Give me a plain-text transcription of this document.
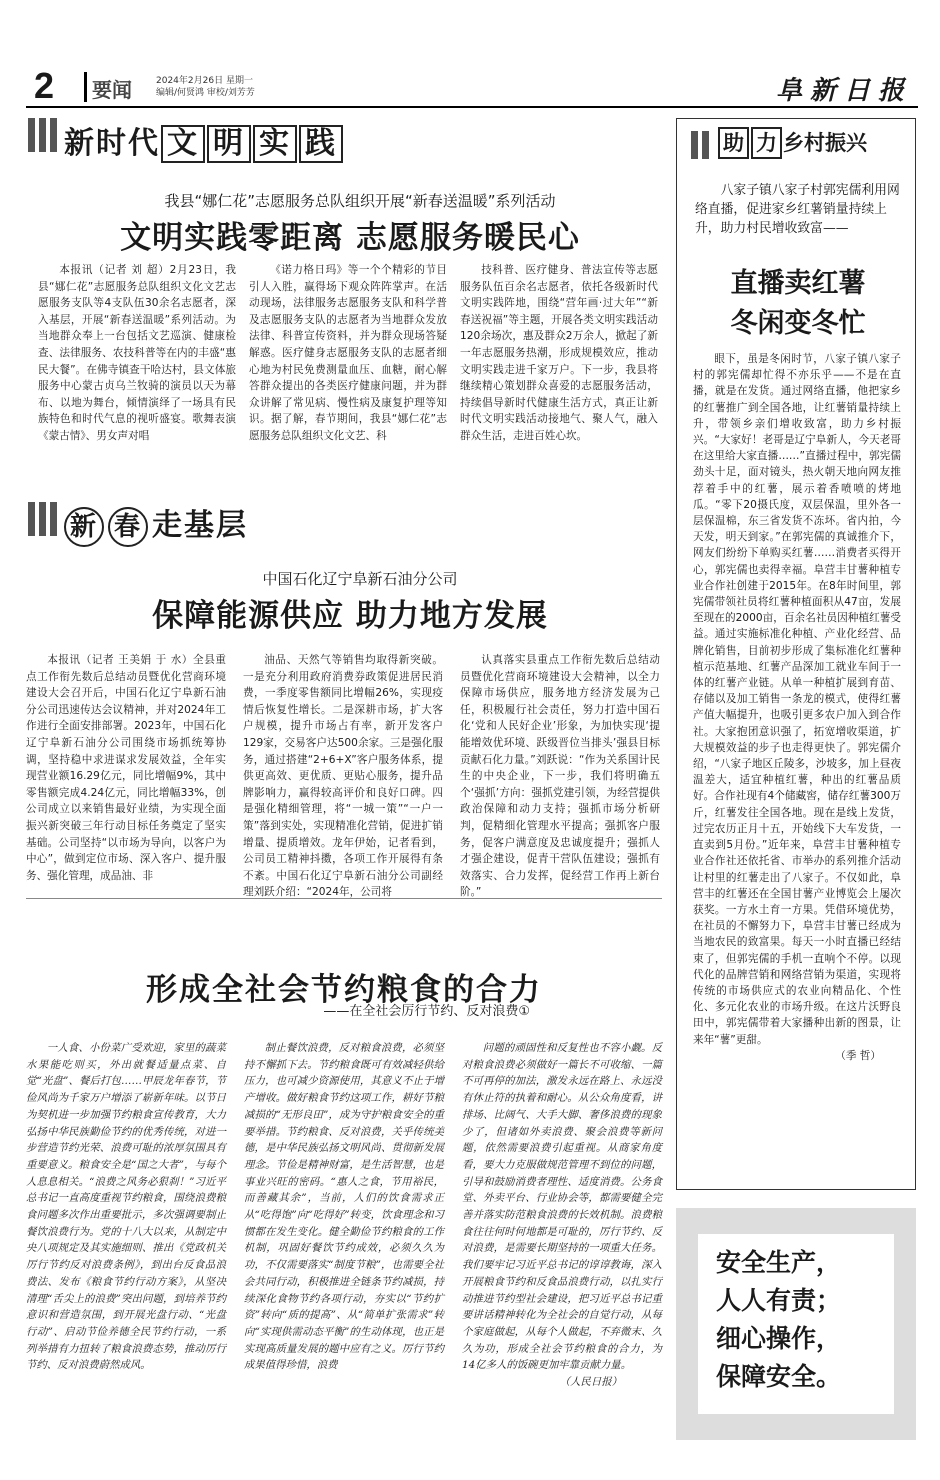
2 要闻	2024年2月26日 星期一
编辑/何贤鸿 审校/刘芳芳	阜新日报
新时代 文 明 实 践
我县“娜仁花”志愿服务总队组织开展“新春送温暖”系列活动
文明实践零距离 志愿服务暖民心

本报讯（记者 刘 超）2月23日，我县“娜仁花”志愿服务总队组织文化文艺志愿服务支队等4支队伍30余名志愿者，深入基层，开展“新春送温暖”系列活动。为当地群众奉上一台包括文艺巡演、健康检查、法律服务、农技科普等在内的丰盛“惠民大餐”。在佛寺镇查干哈达村，县文体旅服务中心蒙古贞乌兰牧骑的演员以天为幕布、以地为舞台，倾情演绎了一场具有民族特色和时代气息的视听盛宴。歌舞表演《蒙古情》、男女声对唱

《诺力格日玛》等一个个精彩的节目引人入胜，赢得场下观众阵阵掌声。在活动现场，法律服务志愿服务支队和科学普及志愿服务支队的志愿者为当地群众发放法律、科普宣传资料，并为群众现场答疑解惑。医疗健身志愿服务支队的志愿者细心地为村民免费测量血压、血糖，耐心解答群众提出的各类医疗健康问题，并为群众讲解了常见病、慢性病及康复护理等知识。据了解，春节期间，我县“娜仁花”志愿服务总队组织文化文艺、科

技科普、医疗健身、普法宣传等志愿服务队伍百余名志愿者，依托各级新时代文明实践阵地，围绕“营年画·过大年”“新春送祝福”等主题，开展各类文明实践活动120余场次，惠及群众2万余人，掀起了新一年志愿服务热潮，形成规模效应，推动文明实践走进千家万户。下一步，我县将继续精心策划群众喜爱的志愿服务活动，持续倡导新时代健康生活方式，真正让新时代文明实践活动接地气、聚人气，融入群众生活，走进百姓心坎。

新 春 走基层
中国石化辽宁阜新石油分公司
保障能源供应 助力地方发展

本报讯（记者 王美娟 于 水）全县重点工作衔先数后总结动员暨优化营商环境建设大会召开后，中国石化辽宁阜新石油分公司迅速传达会议精神，并对2024年工作进行全面安排部署。2023年，中国石化辽宁阜新石油分公司围绕市场抓统筹协调，坚持稳中求进谋求发展效益，全年实现营业额16.29亿元，同比增幅9%，其中零售额完成4.24亿元，同比增幅33%，创公司成立以来销售最好业绩，为实现全面振兴新突破三年行动目标任务奠定了坚实基础。公司坚持“以市场为导向，以客户为中心”，做到定位市场、深入客户、提升服务、强化管理，成品油、非

油品、天然气等销售均取得新突破。一是充分利用政府消费券政策促进居民消费，一季度零售额同比增幅26%，实现疫情后恢复性增长。二是深耕市场，扩大客户规模，提升市场占有率，新开发客户129家，交易客户达500余家。三是强化服务，通过搭建“2+6+X”客户服务体系，提供更高效、更优质、更贴心服务，提升品牌影响力，赢得较高评价和良好口碑。四是强化精细管理，将“一城一策”“一户一策”落到实处，实现精准化营销，促进扩销增量、提质增效。龙年伊始，记者看到，公司员工精神抖擞，各项工作开展得有条不紊。中国石化辽宁阜新石油分公司副经理刘跃介绍：“2024年，公司将

认真落实县重点工作衔先数后总结动员暨优化营商环境建设大会精神，以全力保障市场供应，服务地方经济发展为己任，积极履行社会责任，努力打造中国石化‘党和人民好企业’形象，为加快实现‘提能增效优环境、跃级晋位当排头’强县目标贡献石化力量。”刘跃说：“作为关系国计民生的中央企业，下一步，我们将明确五个‘强抓’方向：强抓党建引领，为经营提供政治保障和动力支持；强抓市场分析研判，促精细化管理水平提高；强抓客户服务，促客户满意度及忠诚度提升；强抓人才强企建设，促青干营队伍建设；强抓有效落实、合力发挥，促经营工作再上新台阶。”

助 力 乡村振兴
八家子镇八家子村郭宪儒利用网络直播，促进家乡红薯销量持续上升，助力村民增收致富——
直播卖红薯
冬闲变冬忙

眼下，虽是冬闲时节，八家子镇八家子村的郭宪儒却忙得不亦乐乎——不是在直播，就是在发货。通过网络直播，他把家乡的红薯推广到全国各地，让红薯销量持续上升，带领乡亲们增收致富，助力乡村振兴。“大家好！老哥是辽宁阜新人，今天老哥在这里给大家直播……”直播过程中，郭宪儒劲头十足，面对镜头，热火朝天地向网友推荐着手中的红薯，展示着香喷喷的烤地瓜。“零下20摄氏度，双层保温，里外各一层保温棉，东三省发货不冻坏。省内拍，今天发，明天到家。”在郭宪儒的真诚推介下，网友们纷纷下单购买红薯……消费者买得开心，郭宪儒也卖得幸福。阜营丰甘薯种植专业合作社创建于2015年。在8年时间里，郭宪儒带领社员将红薯种植面积从47亩，发展至现在的2000亩，百余名社员因种植红薯受益。通过实施标准化种植、产业化经营、品牌化销售，目前初步形成了集标准化红薯种植示范基地、红薯产品深加工就业车间于一体的红薯产业链。从单一种植扩展到育苗、存储以及加工销售一条龙的模式，使得红薯产值大幅提升，也吸引更多农户加入到合作社。大家抱团意识强了，拓宽增收渠道，扩大规模效益的步子也走得更快了。郭宪儒介绍，“八家子地区丘陵多，沙坡多，加上昼夜温差大，适宜种植红薯，种出的红薯品质好。合作社现有4个储藏窖，储存红薯300万斤，红薯发往全国各地。现在是线上发货，过完农历正月十五，开始线下大车发货，一直卖到5月份。”近年来，阜营丰甘薯种植专业合作社还依托省、市举办的系列推介活动让村里的红薯走出了八家子。不仅如此，阜营丰的红薯还在全国甘薯产业博览会上屡次获奖。一方水土育一方果。凭借环境优势，在社员的不懈努力下，阜营丰甘薯已经成为当地农民的致富果。每天一小时直播已经结束了，但郭宪儒的手机一直响个不停。以现代化的品牌营销和网络营销为渠道，实现将传统的市场供应式的农业向精品化、个性化、多元化农业的市场升级。在这片沃野良田中，郭宪儒带着大家播种出新的图景，让来年“薯”更甜。

（季 哲）
形成全社会节约粮食的合力
——在全社会厉行节约、反对浪费①

一人食、小份菜广受欢迎，家里的蔬菜水果能吃则买，外出就餐适量点菜、自觉“光盘”、餐后打包……甲辰龙年春节，节俭风尚为千家万户增添了崭新年味。以节日为契机进一步加强节约粮食宣传教育，大力弘扬中华民族勤俭节约的优秀传统，对进一步营造节约光荣、浪费可耻的浓厚氛围具有重要意义。粮食安全是“国之大者”，与每个人息息相关。“浪费之风务必狠刹！”习近平总书记一直高度重视节约粮食，围绕浪费粮食问题多次作出重要批示，多次强调要制止餐饮浪费行为。党的十八大以来，从制定中央八项规定及其实施细则、推出《党政机关厉行节约反对浪费条例》，到出台反食品浪费法、发布《粮食节约行动方案》，从坚决清理“舌尖上的浪费”突出问题，到培养节约意识和营造氛围，到开展光盘行动、“光盘行动”、启动节俭养德全民节约行动，一系列举措有力扭转了粮食浪费态势，推动厉行节约、反对浪费蔚然成风。

制止餐饮浪费，反对粮食浪费，必须坚持不懈抓下去。节约粮食既可有效减轻供给压力，也可减少资源使用，其意义不止于增产增收。做好粮食节约这项工作，耕好节粮减损的“无形良田”，成为守护粮食安全的重要举措。节约粮食、反对浪费，关乎传统美德，是中华民族弘扬文明风尚、贯彻新发展理念。节俭是精神财富，是生活智慧，也是事业兴旺的密码。“惠人之食，节用裕民，而善藏其余”，当前，人们的饮食需求正从“吃得饱”向“吃得好”转变，饮食理念和习惯都在发生变化。健全勤俭节约粮食的工作机制，巩固好餐饮节约成效，必须久久为功，不仅需要落实“制度节粮”，也需要全社会共同行动，积极推进全链条节约减损，持续深化食物节约各项行动，夯实以“节约扩资”转向“质的提高”、从“简单扩张需求”转向“实现供需动态平衡”的生动体现，也正是实现高质量发展的题中应有之义。厉行节约成果值得珍惜，浪费

问题的顽固性和反复性也不容小觑。反对粮食浪费必须做好一篇长不可收缩、一篇不可再停的加法，激发永远在路上、永远没有休止符的执着和耐心。从公众角度看，讲排场、比阔气、大手大脚、奢侈浪费的现象少了，但诸如外卖浪费、聚会浪费等新问题，依然需要浪费引起重视。从商家角度看，要大力克服做规范管理不到位的问题，引导和鼓励消费者理性、适度消费。公务食堂、外卖平台、行业协会等，都需要健全完善并落实防范粮食浪费的长效机制。浪费粮食往往何时何地都是可耻的，厉行节约、反对浪费，是需要长期坚持的一项重大任务。我们要牢记习近平总书记的谆谆教诲，深入开展粮食节约和反食品浪费行动，以扎实行动推进节约型社会建设，把习近平总书记重要讲话精神转化为全社会的自觉行动，从每个家庭做起，从每个人做起，不弃微末、久久为功，形成全社会节约粮食的合力，为14亿多人的饭碗更加牢靠贡献力量。

（人民日报）
安全生产，
人人有责；
细心操作，
保障安全。
